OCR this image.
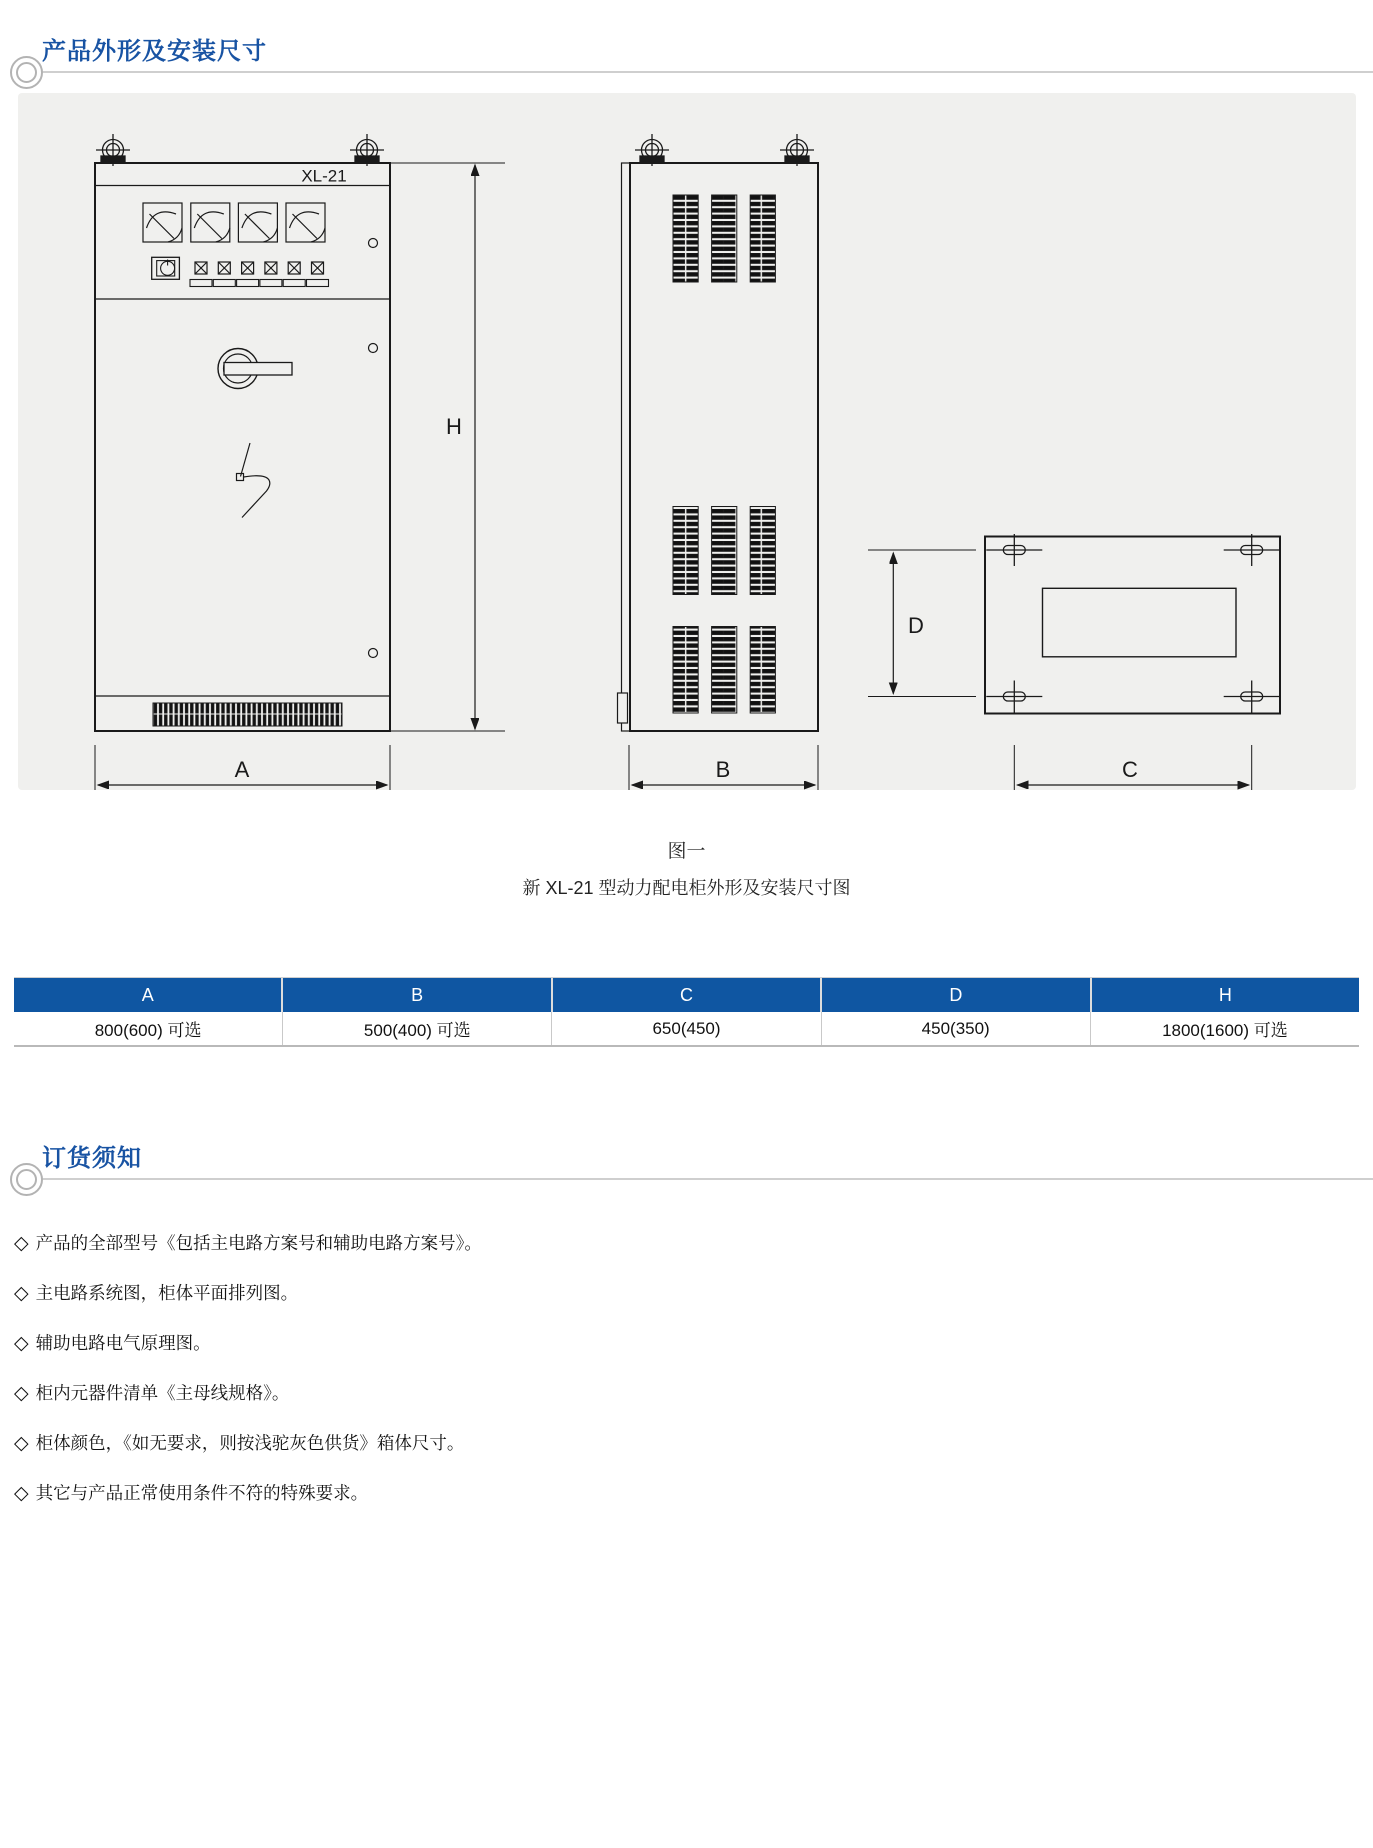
产品外形及安装尺寸
XL-21
H
A	B
D
C
图一
新 XL-21 型动力配电柜外形及安装尺寸图
A	B	C	D	H
800(600) 可选	500(400) 可选	650(450)	450(350)	1800(1600) 可选
订货须知
◇ 产品的全部型号《包括主电路方案号和辅助电路方案号》。
◇ 主电路系统图，柜体平面排列图。
◇ 辅助电路电气原理图。
◇ 柜内元器件清单《主母线规格》。
◇ 柜体颜色，《如无要求，则按浅驼灰色供货》箱体尺寸。
◇ 其它与产品正常使用条件不符的特殊要求。
